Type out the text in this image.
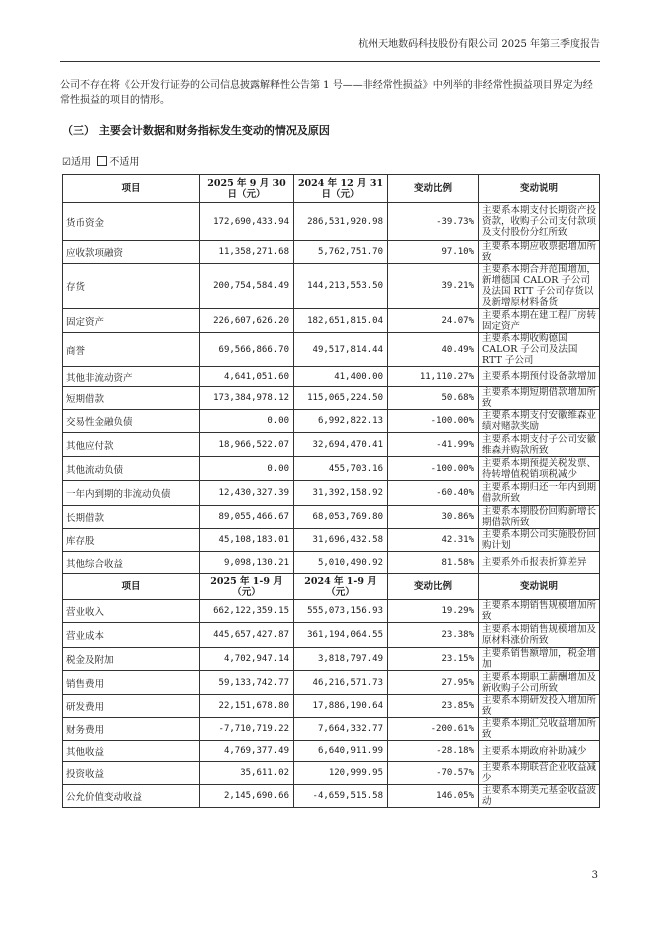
杭州天地数码科技股份有限公司 2025 年第三季度报告
公司不存在将《公开发行证券的公司信息披露解释性公告第 1 号——非经常性损益》中列举的非经常性损益项目界定为经常性损益的项目的情形。
（三） 主要会计数据和财务指标发生变动的情况及原因
☑适用 不适用
项目	2025 年 9 月 30 日（元）	2024 年 12 月 31 日（元）	变动比例	变动说明
货币资金	172,690,433.94	286,531,920.98	-39.73%	主要系本期支付长期资产投资款，收购子公司支付款项及支付股份分红所致
应收款项融资	11,358,271.68	5,762,751.70	97.10%	主要系本期应收票据增加所致
存货	200,754,584.49	144,213,553.50	39.21%	主要系本期合并范围增加，新增德国 CALOR 子公司及法国 RTT 子公司存货以及新增原材料备货
固定资产	226,607,626.20	182,651,815.04	24.07%	主要系本期在建工程厂房转固定资产
商誉	69,566,866.70	49,517,814.44	40.49%	主要系本期收购德国 CALOR 子公司及法国 RTT 子公司
其他非流动资产	4,641,051.60	41,400.00	11,110.27%	主要系本期预付设备款增加
短期借款	173,384,978.12	115,065,224.50	50.68%	主要系本期短期借款增加所致
交易性金融负债	0.00	6,992,822.13	-100.00%	主要系本期支付安徽维森业绩对赌款奖励
其他应付款	18,966,522.07	32,694,470.41	-41.99%	主要系本期支付子公司安徽维森并购款所致
其他流动负债	0.00	455,703.16	-100.00%	主要系本期预提关税发票、待转增值税销项税减少
一年内到期的非流动负债	12,430,327.39	31,392,158.92	-60.40%	主要系本期归还一年内到期借款所致
长期借款	89,055,466.67	68,053,769.80	30.86%	主要系本期股份回购新增长期借款所致
库存股	45,108,183.01	31,696,432.58	42.31%	主要系本期公司实施股份回购计划
其他综合收益	9,098,130.21	5,010,490.92	81.58%	主要系外币报表折算差异
项目	2025 年 1-9 月（元）	2024 年 1-9 月（元）	变动比例	变动说明
营业收入	662,122,359.15	555,073,156.93	19.29%	主要系本期销售规模增加所致
营业成本	445,657,427.87	361,194,064.55	23.38%	主要系本期销售规模增加及原材料涨价所致
税金及附加	4,702,947.14	3,818,797.49	23.15%	主要系销售额增加，税金增加
销售费用	59,133,742.77	46,216,571.73	27.95%	主要系本期职工薪酬增加及新收购子公司所致
研发费用	22,151,678.80	17,886,190.64	23.85%	主要系本期研发投入增加所致
财务费用	-7,710,719.22	7,664,332.77	-200.61%	主要系本期汇兑收益增加所致
其他收益	4,769,377.49	6,640,911.99	-28.18%	主要系本期政府补助减少
投资收益	35,611.02	120,999.95	-70.57%	主要系本期联营企业收益减少
公允价值变动收益	2,145,690.66	-4,659,515.58	146.05%	主要系本期美元基金收益波动
3
